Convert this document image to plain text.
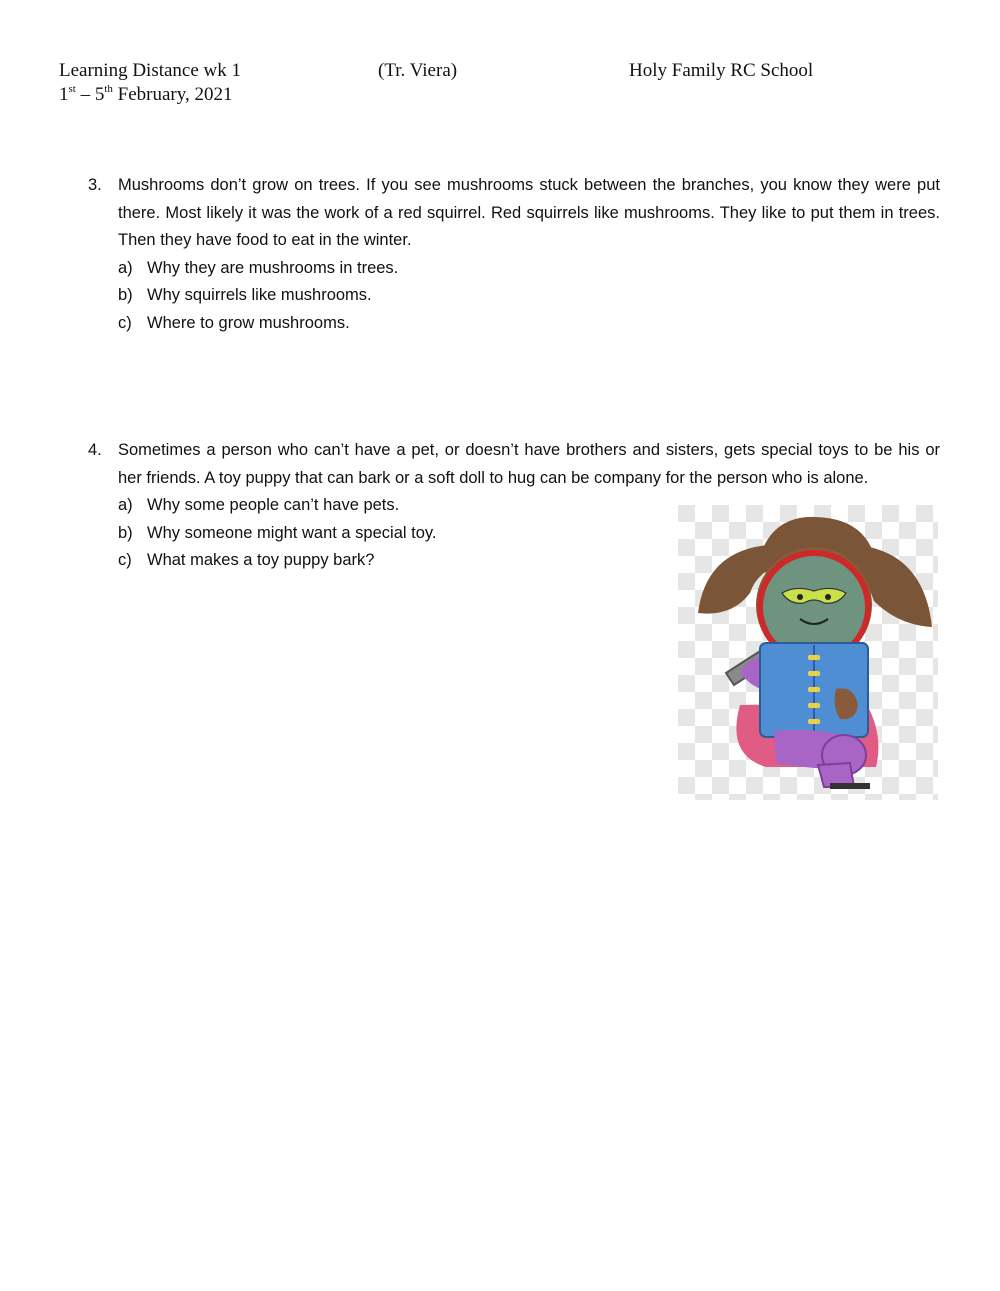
Learning Distance wk 1	(Tr. Viera)	Holy Family RC School
1st – 5th February, 2021
3. Mushrooms don’t grow on trees. If you see mushrooms stuck between the branches, you know they were put there. Most likely it was the work of a red squirrel. Red squirrels like mushrooms. They like to put them in trees. Then they have food to eat in the winter.
a) Why they are mushrooms in trees.
b) Why squirrels like mushrooms.
c) Where to grow mushrooms.
4. Sometimes a person who can’t have a pet, or doesn’t have brothers and sisters, gets special toys to be his or her friends. A toy puppy that can bark or a soft doll to hug can be company for the person who is alone.
a) Why some people can’t have pets.
b) Why someone might want a special toy.
c) What makes a toy puppy bark?
